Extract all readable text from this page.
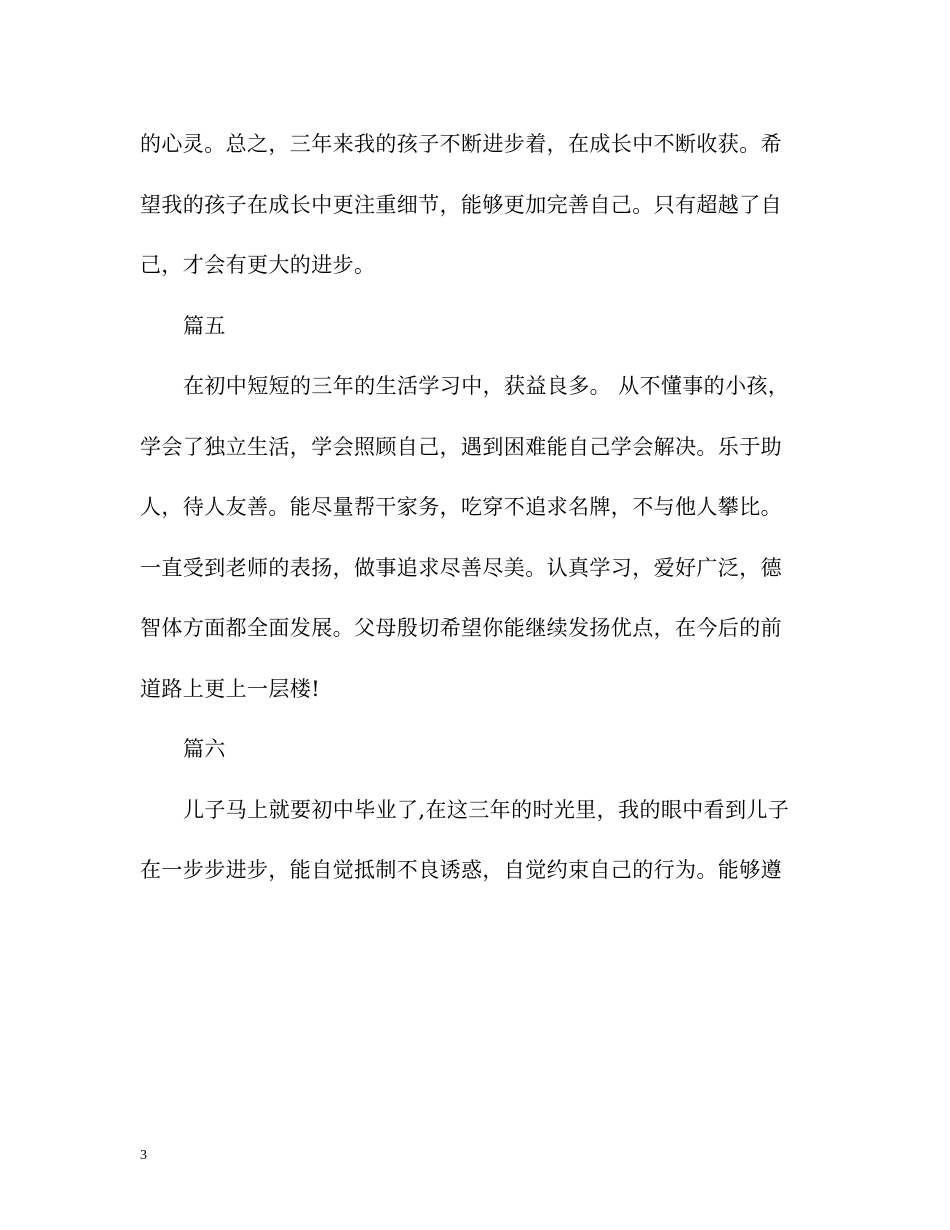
的心灵。总之，三年来我的孩子不断进步着，在成长中不断收获。希
望我的孩子在成长中更注重细节，能够更加完善自己。只有超越了自
己，才会有更大的进步。
篇五
在初中短短的三年的生活学习中，获益良多。 从不懂事的小孩，
学会了独立生活，学会照顾自己，遇到困难能自己学会解决。乐于助
人，待人友善。能尽量帮干家务，吃穿不追求名牌，不与他人攀比。
一直受到老师的表扬，做事追求尽善尽美。认真学习，爱好广泛，德
智体方面都全面发展。父母殷切希望你能继续发扬优点，在今后的前
道路上更上一层楼!
篇六
儿子马上就要初中毕业了,在这三年的时光里，我的眼中看到儿子
在一步步进步，能自觉抵制不良诱惑，自觉约束自己的行为。能够遵
3
